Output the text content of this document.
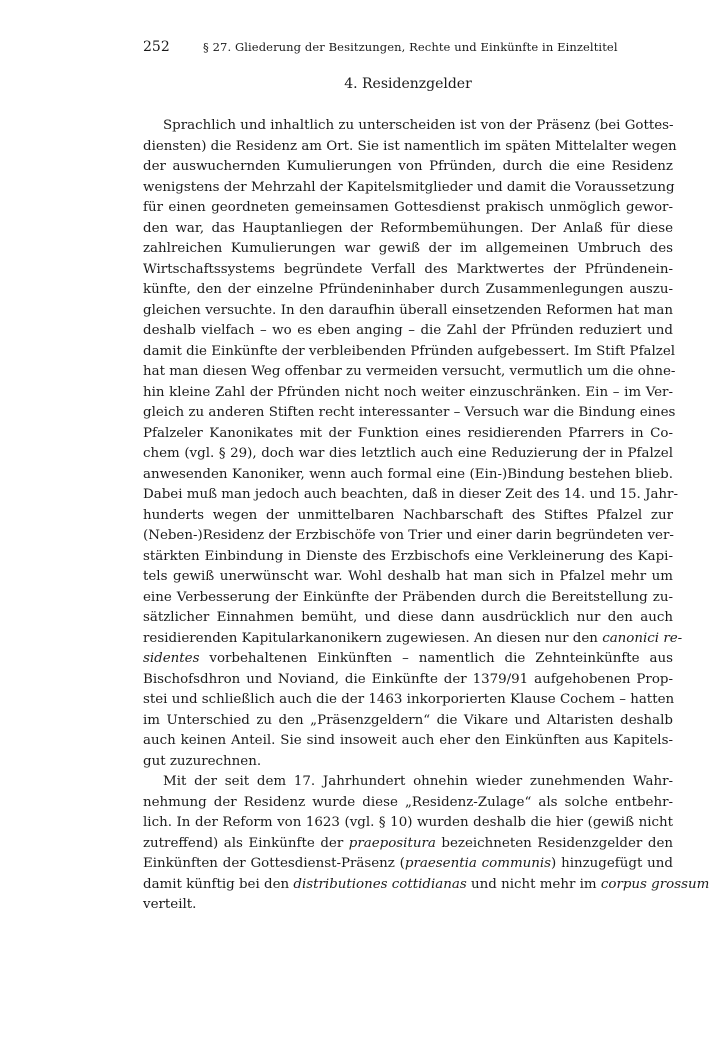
252	§ 27. Gliederung der Besitzungen, Rechte und Einkünfte in Einzeltitel
4. Residenzgelder
Sprachlich und inhaltlich zu unterscheiden ist von der Präsenz (bei Gottes-
diensten) die Residenz am Ort. Sie ist namentlich im späten Mittelalter wegen
der auswuchernden Kumulierungen von Pfründen, durch die eine Residenz
wenigstens der Mehrzahl der Kapitelsmitglieder und damit die Voraussetzung
für einen geordneten gemeinsamen Gottesdienst prakisch unmöglich gewor-
den war, das Hauptanliegen der Reformbemühungen. Der Anlaß für diese
zahlreichen Kumulierungen war gewiß der im allgemeinen Umbruch des
Wirtschaftssystems begründete Verfall des Marktwertes der Pfründenein-
künfte, den der einzelne Pfründeninhaber durch Zusammenlegungen auszu-
gleichen versuchte. In den daraufhin überall einsetzenden Reformen hat man
deshalb vielfach – wo es eben anging – die Zahl der Pfründen reduziert und
damit die Einkünfte der verbleibenden Pfründen aufgebessert. Im Stift Pfalzel
hat man diesen Weg offenbar zu vermeiden versucht, vermutlich um die ohne-
hin kleine Zahl der Pfründen nicht noch weiter einzuschränken. Ein – im Ver-
gleich zu anderen Stiften recht interessanter – Versuch war die Bindung eines
Pfalzeler Kanonikates mit der Funktion eines residierenden Pfarrers in Co-
chem (vgl. § 29), doch war dies letztlich auch eine Reduzierung der in Pfalzel
anwesenden Kanoniker, wenn auch formal eine (Ein-)Bindung bestehen blieb.
Dabei muß man jedoch auch beachten, daß in dieser Zeit des 14. und 15. Jahr-
hunderts wegen der unmittelbaren Nachbarschaft des Stiftes Pfalzel zur
(Neben-)Residenz der Erzbischöfe von Trier und einer darin begründeten ver-
stärkten Einbindung in Dienste des Erzbischofs eine Verkleinerung des Kapi-
tels gewiß unerwünscht war. Wohl deshalb hat man sich in Pfalzel mehr um
eine Verbesserung der Einkünfte der Präbenden durch die Bereitstellung zu-
sätzlicher Einnahmen bemüht, und diese dann ausdrücklich nur den auch
residierenden Kapitularkanonikern zugewiesen. An diesen nur den canonici re-
sidentes vorbehaltenen Einkünften – namentlich die Zehnteinkünfte aus
Bischofsdhron und Noviand, die Einkünfte der 1379/91 aufgehobenen Prop-
stei und schließlich auch die der 1463 inkorporierten Klause Cochem – hatten
im Unterschied zu den „Präsenzgeldern“ die Vikare und Altaristen deshalb
auch keinen Anteil. Sie sind insoweit auch eher den Einkünften aus Kapitels-
gut zuzurechnen.
Mit der seit dem 17. Jahrhundert ohnehin wieder zunehmenden Wahr-
nehmung der Residenz wurde diese „Residenz-Zulage“ als solche entbehr-
lich. In der Reform von 1623 (vgl. § 10) wurden deshalb die hier (gewiß nicht
zutreffend) als Einkünfte der praepositura bezeichneten Residenzgelder den
Einkünften der Gottesdienst-Präsenz (praesentia communis) hinzugefügt und
damit künftig bei den distributiones cottidianas und nicht mehr im corpus grossum
verteilt.
